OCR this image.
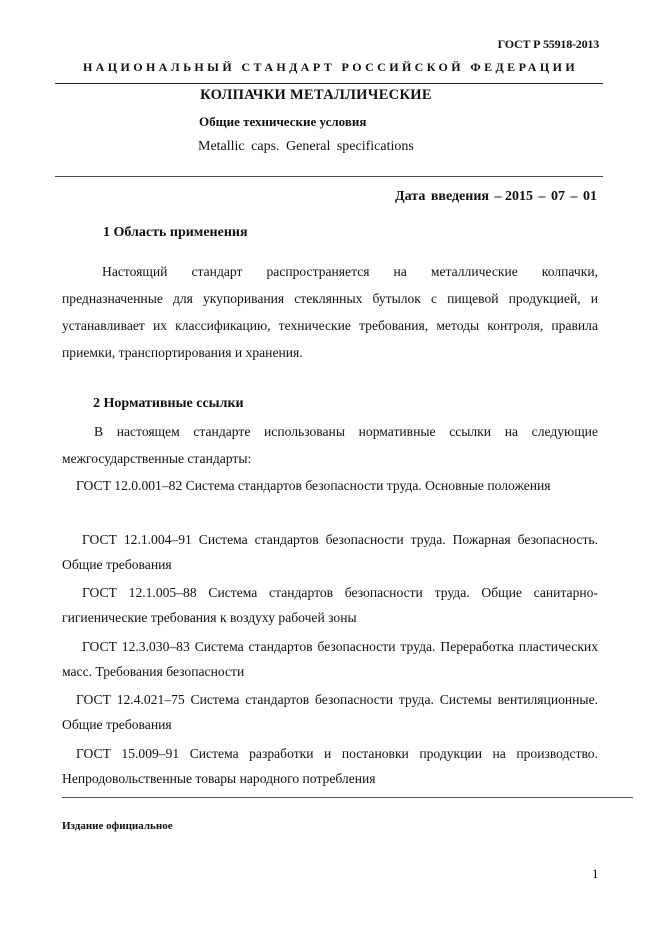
ГОСТ Р 55918-2013
НАЦИОНАЛЬНЫЙ СТАНДАРТ РОССИЙСКОЙ ФЕДЕРАЦИИ
КОЛПАЧКИ МЕТАЛЛИЧЕСКИЕ
Общие технические условия
Metallic caps. General specifications
Дата введения – 2015 – 07 – 01
1 Область применения
Настоящий стандарт распространяется на металлические колпачки, предназначенные для укупоривания стеклянных бутылок с пищевой продукцией, и устанавливает их классификацию, технические требования, методы контроля, правила приемки, транспортирования и хранения.
2 Нормативные ссылки
В настоящем стандарте использованы нормативные ссылки на следующие межгосударственные стандарты:
ГОСТ 12.0.001–82 Система стандартов безопасности труда. Основные положения
ГОСТ 12.1.004–91 Система стандартов безопасности труда. Пожарная безопасность. Общие требования
ГОСТ 12.1.005–88 Система стандартов безопасности труда. Общие санитарно-гигиенические требования к воздуху рабочей зоны
ГОСТ 12.3.030–83 Система стандартов безопасности труда. Переработка пластических масс. Требования безопасности
ГОСТ 12.4.021–75 Система стандартов безопасности труда. Системы вентиляционные. Общие требования
ГОСТ 15.009–91 Система разработки и постановки продукции на производство. Непродовольственные товары народного потребления
Издание официальное
1
